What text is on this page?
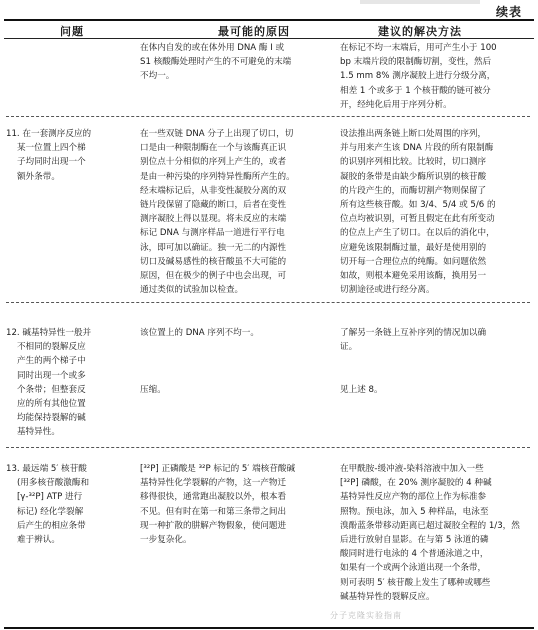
续表
问题	最可能的原因	建议的解决方法
在体内自发的或在体外用 DNA 酶 I 或
S1 核酸酶处理时产生的不可避免的末端
不均一。
在标记不均一末端后，用可产生小于 100
bp 末端片段的限制酶切割，变性，然后
1.5 mm 8% 测序凝胶上进行分级分离，
相差 1 个或多于 1 个核苷酸的链可被分
开，经纯化后用于序列分析。
11. 在一套测序反应的
某一位置上四个梯
子均同时出现一个
额外条带。
在一些双链 DNA 分子上出现了切口，切
口是由一种限制酶在一个与该酶真正识
别位点十分相似的序列上产生的，或者
是由一种污染的序列特异性酶所产生的。
经末端标记后，从非变性凝胶分离的双
链片段保留了隐藏的断口，后者在变性
测序凝胶上得以显现。将未反应的末端
标记 DNA 与测序样品一道进行平行电
泳，即可加以确证。独一无二的内源性
切口及碱易感性的核苷酸虽不大可能的
原因，但在极少的例子中也会出现，可
通过类似的试验加以检查。
设法推出两条链上断口处周围的序列，
并与用来产生该 DNA 片段的所有限制酶
的识别序列相比较。比较时，切口测序
凝胶的条带是由缺少酶所识别的核苷酸
的片段产生的，而酶切割产物则保留了
所有这些核苷酸。如 3/4、5/4 或 5/6 的
位点均被识别，可暂且假定在此有所变动
的位点上产生了切口。在以后的消化中，
应避免该限制酶过量，最好是使用别的
切开每一合理位点的纯酶。如问题依然
如故，则根本避免采用该酶，换用另一
切割途径或进行经分离。
12. 碱基特异性一般并
不相同的裂解反应
产生的两个梯子中
同时出现一个或多
个条带；但整套反
应的所有其他位置
均能保持裂解的碱
基特异性。
该位置上的 DNA 序列不均一。

压缩。
了解另一条链上互补序列的情况加以确
证。

见上述 8。
13. 最远端 5′ 核苷酸
(用多核苷酸激酶和
[γ-³²P] ATP 进行
标记) 经化学裂解
后产生的相应条带
难于辨认。
[³²P] 正磷酸是 ³²P 标记的 5′ 端核苷酸碱
基特异性化学裂解的产物，这一产物迁
移得很快，通常跑出凝胶以外，根本看
不见。但有时在第一和第三条带之间出
现一种扩散的肼解产物假象，使问题进
一步复杂化。
在甲酰胺-缓冲液-染料溶液中加入一些
[³²P] 磷酸，在 20% 测序凝胶的 4 种碱
基特异性反应产物的部位上作为标准参
照物。预电泳，加入 5 种样品，电泳至
溴酚蓝条带移动距离已超过凝胶全程的 1/3，然
后进行放射自显影。在与第 5 泳道的磷
酸同时进行电泳的 4 个普通泳道之中，
如果有一个或两个泳道出现一个条带，
则可表明 5′ 核苷酸上发生了哪种或哪些
碱基特异性的裂解反应。
分子克隆实验指南
